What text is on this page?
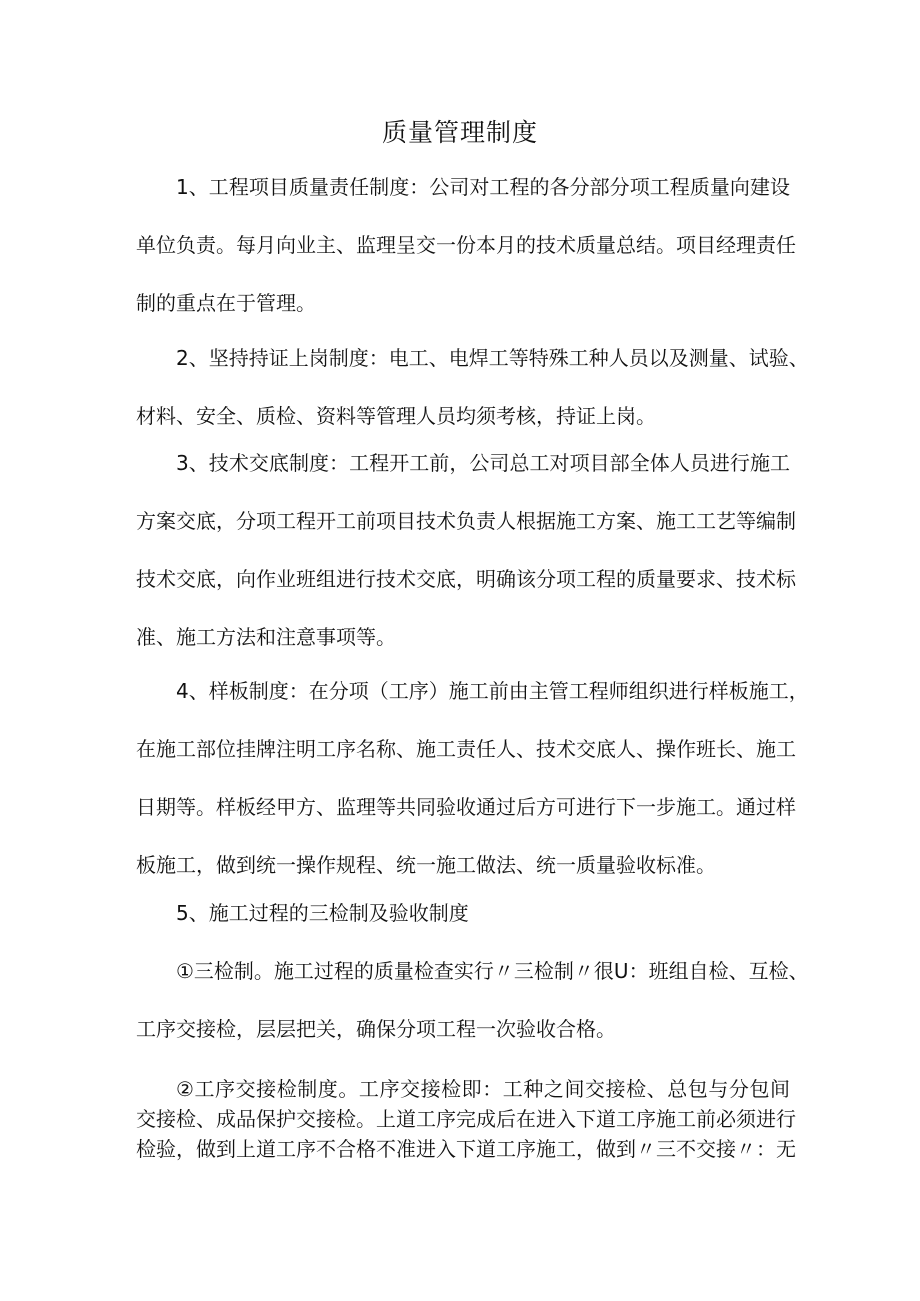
质量管理制度
1、工程项目质量责任制度：公司对工程的各分部分项工程质量向建设
单位负责。每月向业主、监理呈交一份本月的技术质量总结。项目经理责任
制的重点在于管理。
2、坚持持证上岗制度：电工、电焊工等特殊工种人员以及测量、试验、
材料、安全、质检、资料等管理人员均须考核，持证上岗。
3、技术交底制度：工程开工前，公司总工对项目部全体人员进行施工
方案交底，分项工程开工前项目技术负责人根据施工方案、施工工艺等编制
技术交底，向作业班组进行技术交底，明确该分项工程的质量要求、技术标
准、施工方法和注意事项等。
4、样板制度：在分项（工序）施工前由主管工程师组织进行样板施工，
在施工部位挂牌注明工序名称、施工责任人、技术交底人、操作班长、施工
日期等。样板经甲方、监理等共同验收通过后方可进行下一步施工。通过样
板施工，做到统一操作规程、统一施工做法、统一质量验收标准。
5、施工过程的三检制及验收制度
①三检制。施工过程的质量检查实行〃三检制〃很U：班组自检、互检、
工序交接检，层层把关，确保分项工程一次验收合格。
②工序交接检制度。工序交接检即：工种之间交接检、总包与分包间
交接检、成品保护交接检。上道工序完成后在进入下道工序施工前必须进行
检验，做到上道工序不合格不准进入下道工序施工，做到〃三不交接〃：无
